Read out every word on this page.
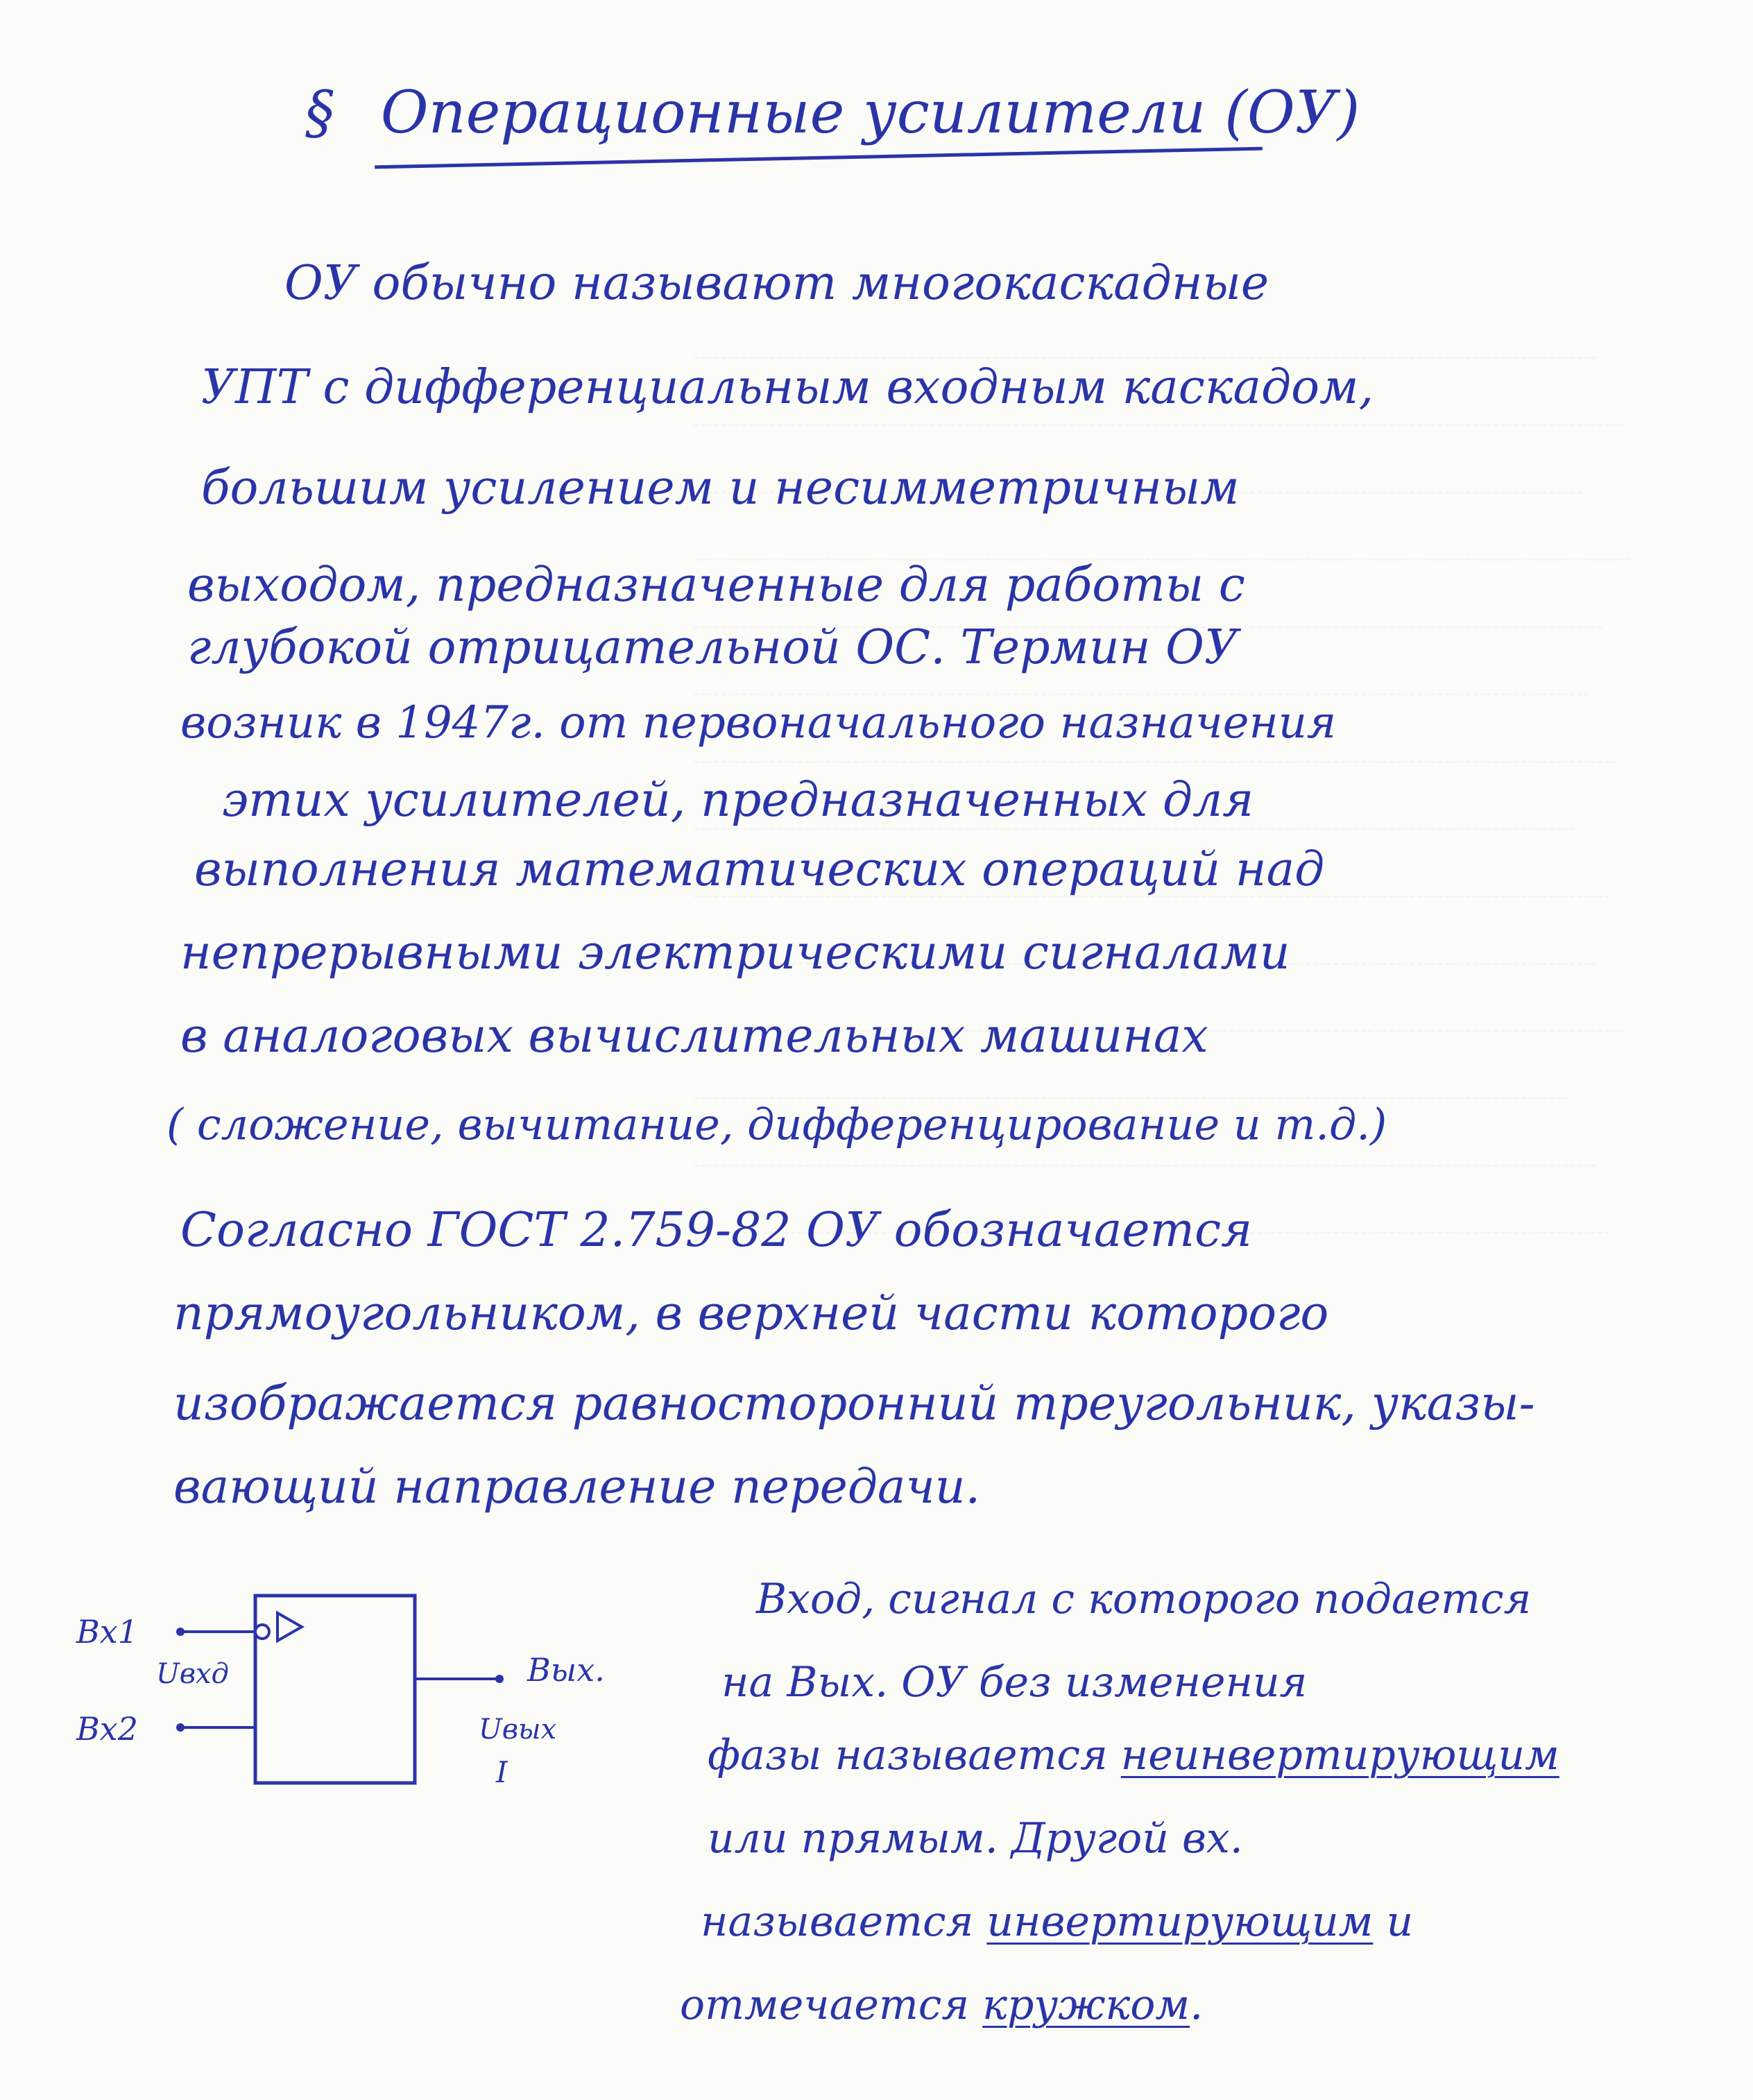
§ Операционные усилители (ОУ)
ОУ обычно называют многокаскадные
УПТ с дифференциальным входным каскадом,
большим усилением и несимметричным
выходом, предназначенные для работы с
глубокой отрицательной ОС. Термин ОУ
возник в 1947г. от первоначального назначения
этих усилителей, предназначенных для
выполнения математических операций над
непрерывными электрическими сигналами
в аналоговых вычислительных машинах
( сложение, вычитание, дифференцирование и т.д.)
Согласно ГОСТ 2.759-82 ОУ обозначается
прямоугольником, в верхней части которого
изображается равносторонний треугольник, указы-
вающий направление передачи.
Вх1
Вх2
Uвхд	Вых.
Uвых
I
Вход, сигнал с которого подается
на Вых. ОУ без изменения
фазы называется неинвертирующим
или прямым. Другой вх.
называется инвертирующим и
отмечается кружком.
